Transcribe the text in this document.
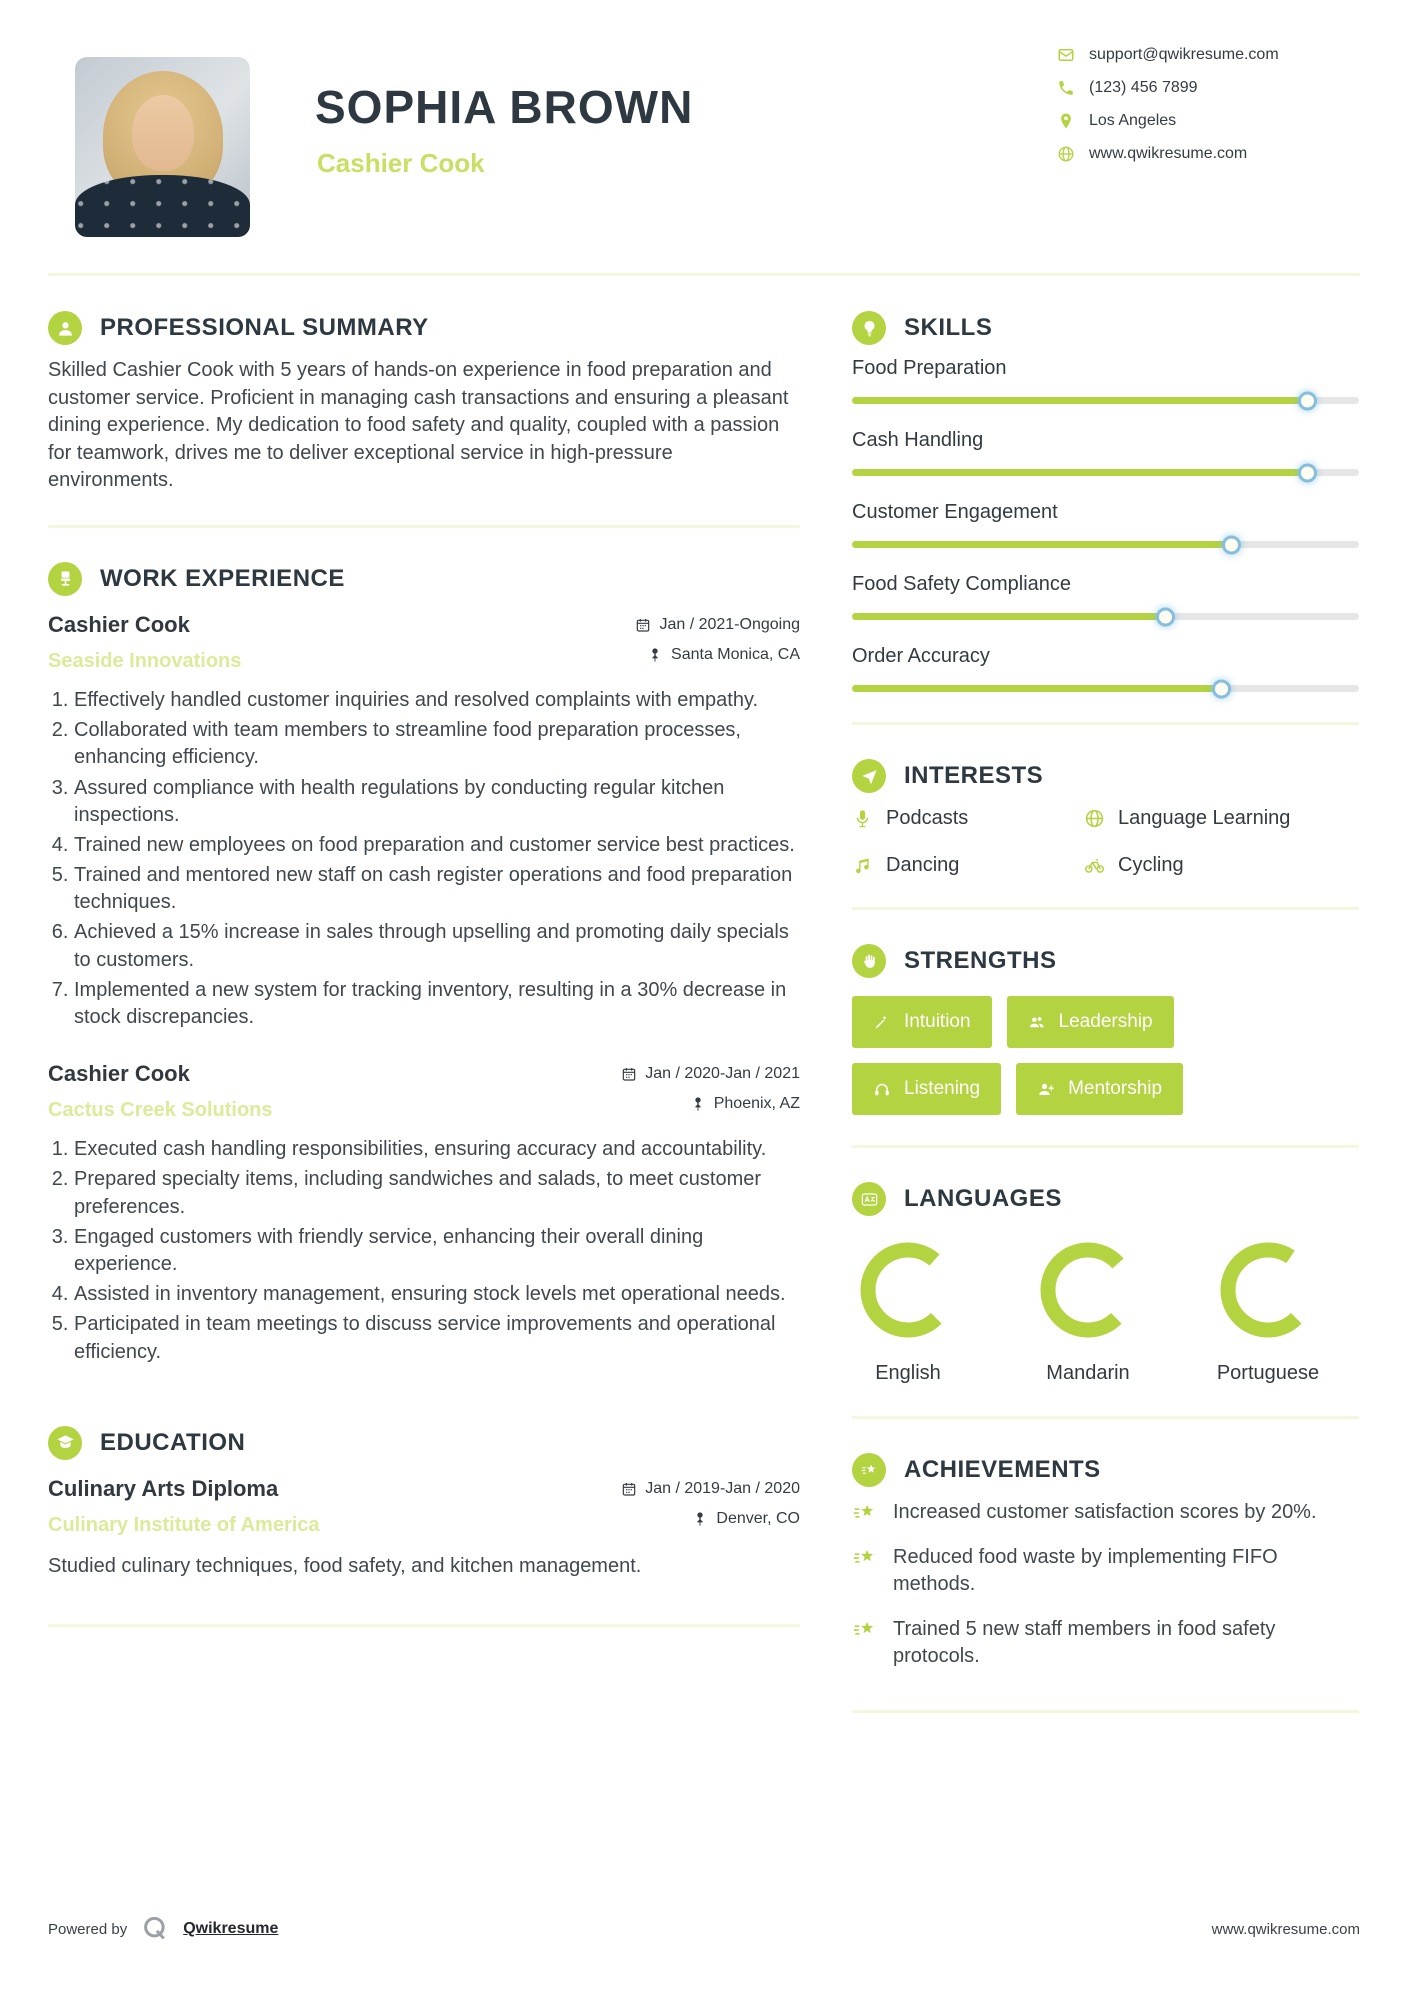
SOPHIA BROWN
Cashier Cook
support@qwikresume.com
(123) 456 7899
Los Angeles
www.qwikresume.com
PROFESSIONAL SUMMARY

Skilled Cashier Cook with 5 years of hands-on experience in food preparation and customer service. Proficient in managing cash transactions and ensuring a pleasant dining experience. My dedication to food safety and quality, coupled with a passion for teamwork, drives me to deliver exceptional service in high-pressure environments.

WORK EXPERIENCE
Cashier Cook
Seaside Innovations
Jan / 2021-Ongoing
Santa Monica, CA
1. Effectively handled customer inquiries and resolved complaints with empathy.
2. Collaborated with team members to streamline food preparation processes, enhancing efficiency.
3. Assured compliance with health regulations by conducting regular kitchen inspections.
4. Trained new employees on food preparation and customer service best practices.
5. Trained and mentored new staff on cash register operations and food preparation techniques.
6. Achieved a 15% increase in sales through upselling and promoting daily specials to customers.
7. Implemented a new system for tracking inventory, resulting in a 30% decrease in stock discrepancies.
Cashier Cook
Cactus Creek Solutions
Jan / 2020-Jan / 2021
Phoenix, AZ
1. Executed cash handling responsibilities, ensuring accuracy and accountability.
2. Prepared specialty items, including sandwiches and salads, to meet customer preferences.
3. Engaged customers with friendly service, enhancing their overall dining experience.
4. Assisted in inventory management, ensuring stock levels met operational needs.
5. Participated in team meetings to discuss service improvements and operational efficiency.
EDUCATION
Culinary Arts Diploma
Culinary Institute of America
Jan / 2019-Jan / 2020
Denver, CO

Studied culinary techniques, food safety, and kitchen management.

SKILLS
Food Preparation
Cash Handling
Customer Engagement
Food Safety Compliance
Order Accuracy
INTERESTS
Podcasts	Language Learning
Dancing	Cycling
STRENGTHS
Intuition	Leadership
Listening	Mentorship
LANGUAGES
English	Mandarin	Portuguese
ACHIEVEMENTS
Increased customer satisfaction scores by 20%.
Reduced food waste by implementing FIFO methods.
Trained 5 new staff members in food safety protocols.
Powered by	Qwikresume	www.qwikresume.com
